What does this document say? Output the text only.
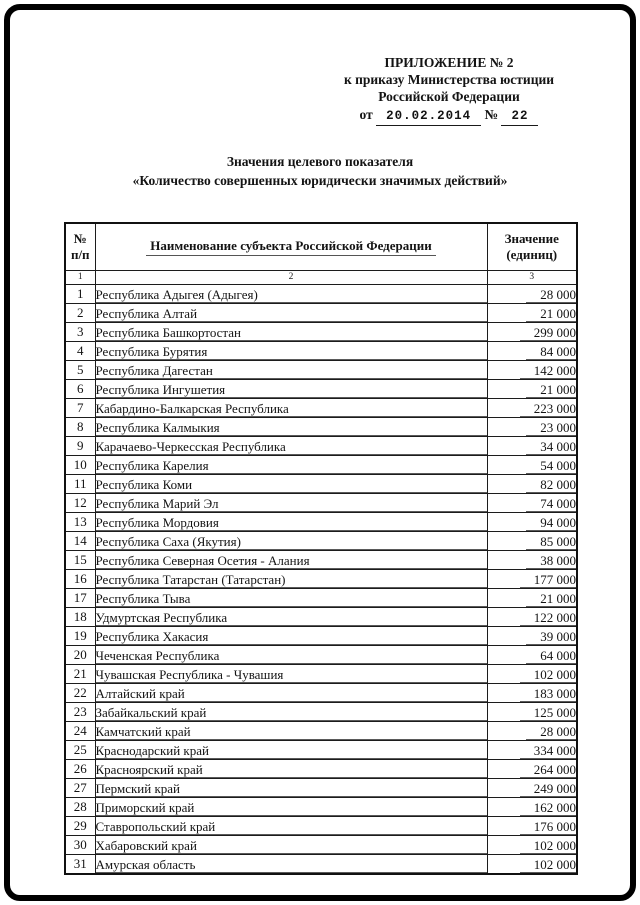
ПРИЛОЖЕНИЕ № 2
к приказу Министерства юстиции
Российской Федерации
от 20.02.2014 № 22
Значения целевого показателя
«Количество совершенных юридически значимых действий»
№
п/п
	Наименование субъекта Российской Федерации	Значение
(единиц)

1	2	3
1	Республика Адыгея (Адыгея)	28 000
2	Республика Алтай	21 000
3	Республика Башкортостан	299 000
4	Республика Бурятия	84 000
5	Республика Дагестан	142 000
6	Республика Ингушетия	21 000
7	Кабардино-Балкарская Республика	223 000
8	Республика Калмыкия	23 000
9	Карачаево-Черкесская Республика	34 000
10	Республика Карелия	54 000
11	Республика Коми	82 000
12	Республика Марий Эл	74 000
13	Республика Мордовия	94 000
14	Республика Саха (Якутия)	85 000
15	Республика Северная Осетия - Алания	38 000
16	Республика Татарстан (Татарстан)	177 000
17	Республика Тыва	21 000
18	Удмуртская Республика	122 000
19	Республика Хакасия	39 000
20	Чеченская Республика	64 000
21	Чувашская Республика - Чувашия	102 000
22	Алтайский край	183 000
23	Забайкальский край	125 000
24	Камчатский край	28 000
25	Краснодарский край	334 000
26	Красноярский край	264 000
27	Пермский край	249 000
28	Приморский край	162 000
29	Ставропольский край	176 000
30	Хабаровский край	102 000
31	Амурская область	102 000
